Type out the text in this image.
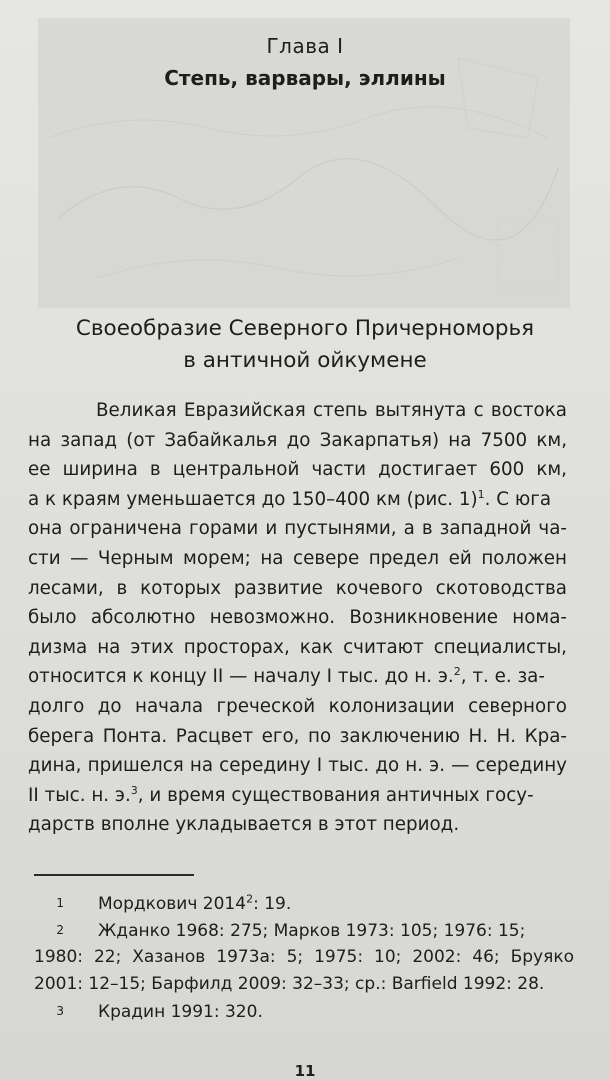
Глава I
Степь, варвары, эллины
Своеобразие Северного Причерноморья
в античной ойкумене
Великая Евразийская степь вытянута с востока
на запад (от Забайкалья до Закарпатья) на 7500 км,
ее ширина в центральной части достигает 600 км,
а к краям уменьшается до 150–400 км (рис. 1)$^1$. С юга
она ограничена горами и пустынями, а в западной ча-
сти — Черным морем; на севере предел ей положен
лесами, в которых развитие кочевого скотоводства
было абсолютно невозможно. Возникновение нома-
дизма на этих просторах, как считают специалисты,
относится к концу II — началу I тыс. до н. э.$^2$, т. е. за-
долго до начала греческой колонизации северного
берега Понта. Расцвет его, по заключению Н. Н. Кра-
дина, пришелся на середину I тыс. до н. э. — середину
II тыс. н. э.$^3$, и время существования античных госу-
дарств вполне укладывается в этот период.
1 Мордкович 2014$^2$: 19.
2 Жданко 1968: 275; Марков 1973: 105; 1976: 15;
1980: 22; Хазанов 1973а: 5; 1975: 10; 2002: 46; Бруяко
2001: 12–15; Барфилд 2009: 32–33; ср.: Barfield 1992: 28.
3 Крадин 1991: 320.
11
